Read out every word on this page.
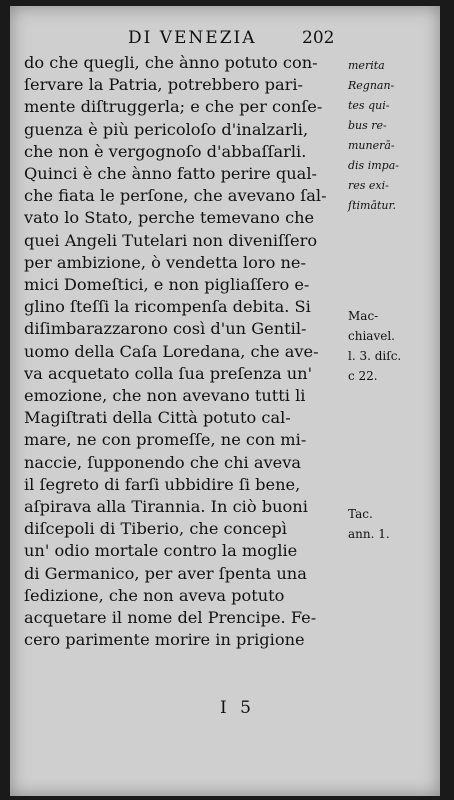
DI VENEZIA	202
do che quegli, che ànno potuto con-
ſervare la Patria, potrebbero pari-
mente diſtruggerla; e che per conſe-
guenza è più pericoloſo d'inalzarli,
che non è vergognoſo d'abbaſſarli.
Quinci è che ànno fatto perire qual-
che fiata le perſone, che avevano ſal-
vato lo Stato, perche temevano che
quei Angeli Tutelari non diveniſſero
per ambizione, ò vendetta loro ne-
mici Domeſtici, e non pigliaſſero e-
glino ſteſſi la ricompenſa debita. Si
diſimbarazzarono così d'un Gentil-
uomo della Caſa Loredana, che ave-
va acquetato colla ſua preſenza un'
emozione, che non avevano tutti li
Magiſtrati della Città potuto cal-
mare, ne con promeſſe, ne con mi-
naccie, ſupponendo che chi aveva
il ſegreto di farſi ubbidire ſi bene,
aſpirava alla Tirannia. In ciò buoni
diſcepoli di Tiberio, che concepì
un' odio mortale contro la moglie
di Germanico, per aver ſpenta una
ſedizione, che non aveva potuto
acquetare il nome del Prencipe. Fe-
cero parimente morire in prigione
merita
Regnan-
tes qui-
bus re-
munerā-
dis impa-
res exi-
ſtimātur.
Mac-
chiavel.
l. 3. diſc.
c 22.
Tac.
ann. 1.
I 5
